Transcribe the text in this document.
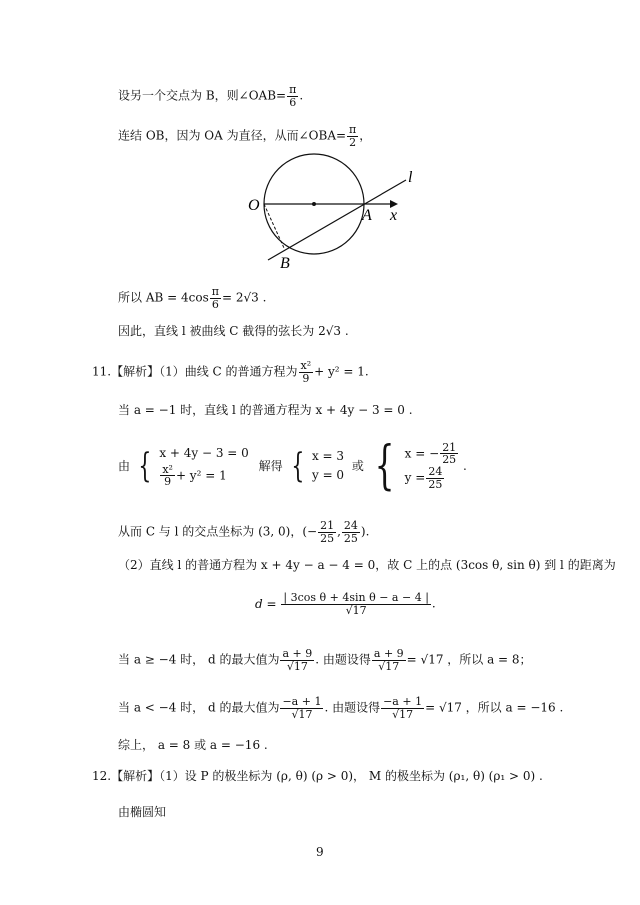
设另一个交点为 B，则∠OAB= $\frac{\pi}{6}$ .
连结 OB，因为 OA 为直径，从而∠OBA= $\frac{\pi}{2}$ ，
O
A
B
x
l
所以 AB = $4\cos \frac{\pi}{6} = 2√3$ .
因此，直线 l 被曲线 C 截得的弦长为 2√3 .
11.【解析】（1）曲线 C 的普通方程为 $\frac{\text{x²}}{9} + y^2 = 1$.
当 a = −1 时，直线 l 的普通方程为 x + 4y − 3 = 0 .
由 { x + 4y − 3 = 0
$\frac{\text{x²}}{9} + y^2 = 1$
解得 { x = 3
y = 0
或 { x = − $\frac{21}{25}$
$y = \frac{24}{25}$
.
从而 C 与 l 的交点坐标为 (3, 0)，(− $\frac{21}{25}$ , $\frac{24}{25}$ ).
（2）直线 l 的普通方程为 x + 4y − a − 4 = 0，故 C 上的点 (3cos θ, sin θ) 到 l 的距离为
$d = \frac{\text{| 3cos θ + 4sin θ − a − 4 |}}{√17}$ .
当 a ≥ −4 时， d 的最大值为 $\frac{a + 9}{√17}$ . 由题设得 $\frac{a + 9}{√17} = √17$ ，所以 a = 8；
当 a < −4 时， d 的最大值为 $\frac{-a + 1}{√17}$ . 由题设得 $\frac{-a + 1}{√17} = √17$ ，所以 a = −16 .
综上， a = 8 或 a = −16 .
12.【解析】（1）设 P 的极坐标为 (ρ, θ) (ρ > 0)， M 的极坐标为 (ρ₁, θ) (ρ₁ > 0) .
由椭圆知
9
